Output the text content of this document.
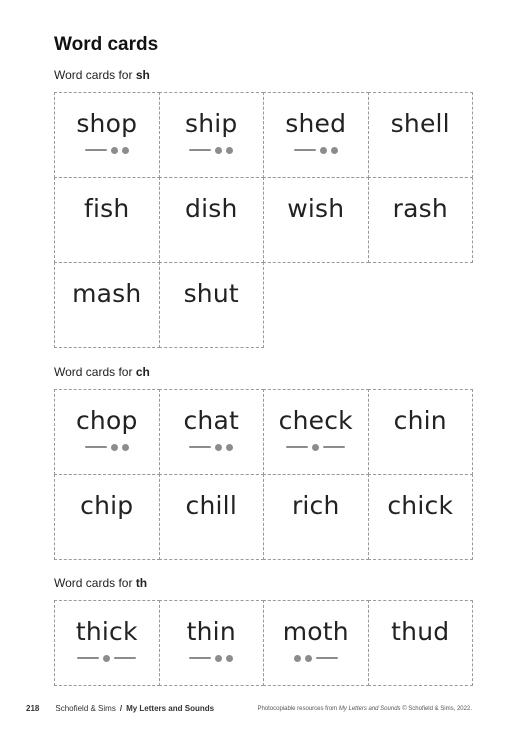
Word cards
Word cards for sh
shop ship shed shell
fish dish wish rash
mash shut
Word cards for ch
chop chat check chin
chip chill rich chick
Word cards for th
thick thin moth thud
218 Schofield & Sims / My Letters and Sounds	Photocopiable resources from My Letters and Sounds © Schofield & Sims, 2022.
